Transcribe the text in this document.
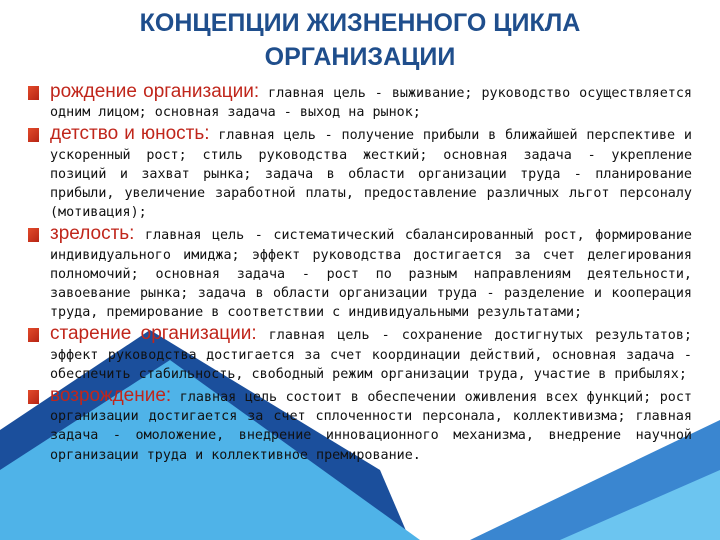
КОНЦЕПЦИИ ЖИЗНЕННОГО ЦИКЛА
ОРГАНИЗАЦИИ
рождение организации: главная цель - выживание; руководство осуществляется одним лицом; основная задача - выход на рынок;
детство и юность: главная цель - получение прибыли в ближайшей перспективе и ускоренный рост; стиль руководства жесткий; основная задача - укрепление позиций и захват рынка; задача в области организации труда - планирование прибыли, увеличение заработной платы, предоставление различных льгот персоналу (мотивация);
зрелость: главная цель - систематический сбалансированный рост, формирование индивидуального имиджа; эффект руководства достигается за счет делегирования полномочий; основная задача - рост по разным направлениям деятельности, завоевание рынка; задача в области организации труда - разделение и кооперация труда, премирование в соответствии с индивидуальными результатами;
старение организации: главная цель - сохранение достигнутых результатов; эффект руководства достигается за счет координации действий, основная задача - обеспечить стабильность, свободный режим организации труда, участие в прибылях;
возрождение: главная цель состоит в обеспечении оживления всех функций; рост организации достигается за счет сплоченности персонала, коллективизма; главная задача - омоложение, внедрение инновационного механизма, внедрение научной организации труда и коллективное премирование.
